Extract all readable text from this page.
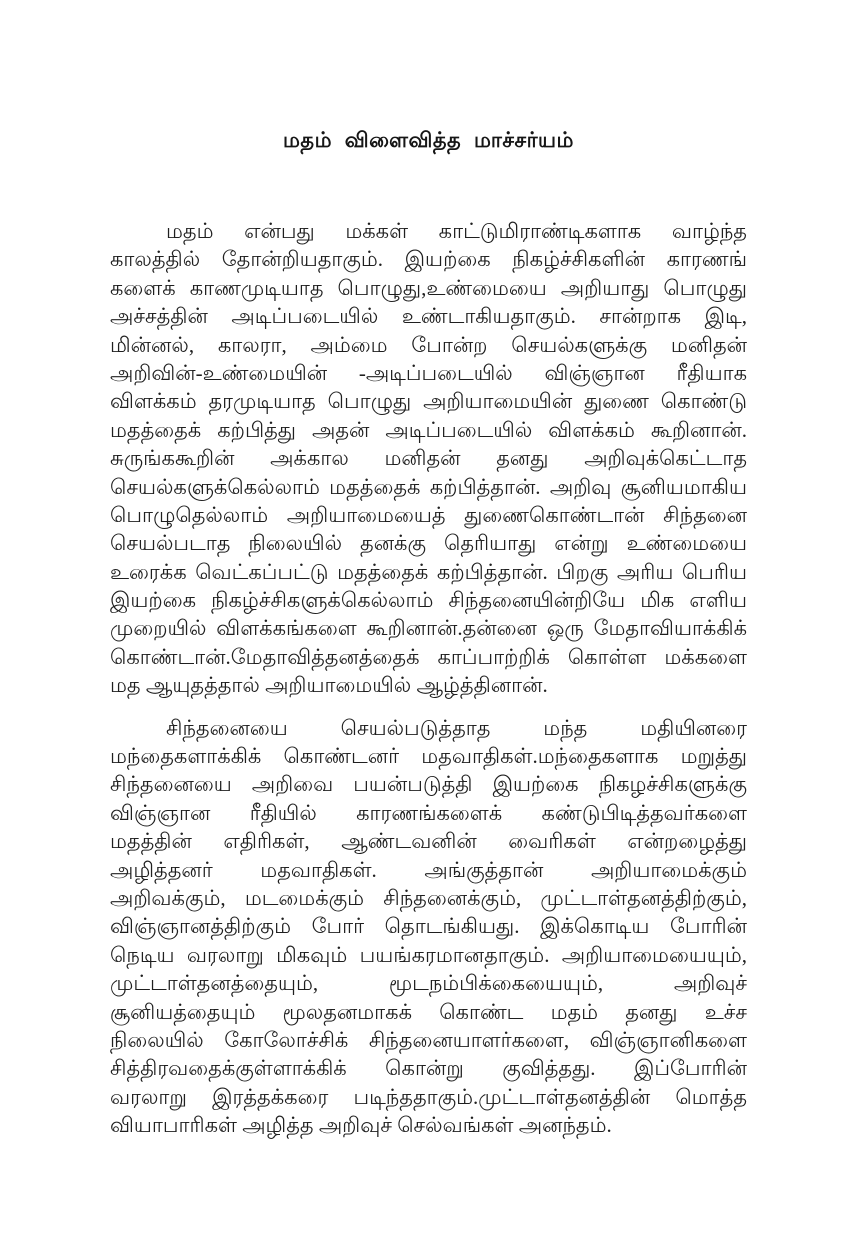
மதம் விளைவித்த மாச்சர்யம்
மதம் என்பது மக்கள் காட்டுமிராண்டிகளாக வாழ்ந்த
காலத்தில் தோன்றியதாகும். இயற்கை நிகழ்ச்சிகளின் காரணங்
களைக் காணமுடியாத பொழுது,உண்மையை அறியாது பொழுது
அச்சத்தின் அடிப்படையில் உண்டாகியதாகும். சான்றாக இடி,
மின்னல், காலரா, அம்மை போன்ற செயல்களுக்கு மனிதன்
அறிவின்-உண்மையின் -அடிப்படையில் விஞ்ஞான ரீதியாக
விளக்கம் தரமுடியாத பொழுது அறியாமையின் துணை கொண்டு
மதத்தைக் கற்பித்து அதன் அடிப்படையில் விளக்கம் கூறினான்.
சுருங்ககூறின் அக்கால மனிதன் தனது அறிவுக்கெட்டாத
செயல்களுக்கெல்லாம் மதத்தைக் கற்பித்தான். அறிவு சூனியமாகிய
பொழுதெல்லாம் அறியாமையைத் துணைகொண்டான் சிந்தனை
செயல்படாத நிலையில் தனக்கு தெரியாது என்று உண்மையை
உரைக்க வெட்கப்பட்டு மதத்தைக் கற்பித்தான். பிறகு அரிய பெரிய
இயற்கை நிகழ்ச்சிகளுக்கெல்லாம் சிந்தனையின்றியே மிக எளிய
முறையில் விளக்கங்களை கூறினான்.தன்னை ஒரு மேதாவியாக்கிக்
கொண்டான்.மேதாவித்தனத்தைக் காப்பாற்றிக் கொள்ள மக்களை
மத ஆயுதத்தால் அறியாமையில் ஆழ்த்தினான்.
சிந்தனையை செயல்படுத்தாத மந்த மதியினரை
மந்தைகளாக்கிக் கொண்டனர் மதவாதிகள்.மந்தைகளாக மறுத்து
சிந்தனையை அறிவை பயன்படுத்தி இயற்கை நிகழச்சிகளுக்கு
விஞ்ஞான ரீதியில் காரணங்களைக் கண்டுபிடித்தவர்களை
மதத்தின் எதிரிகள், ஆண்டவனின் வைரிகள் என்றழைத்து
அழித்தனர் மதவாதிகள். அங்குத்தான் அறியாமைக்கும்
அறிவக்கும், மடமைக்கும் சிந்தனைக்கும், முட்டாள்தனத்திற்கும்,
விஞ்ஞானத்திற்கும் போர் தொடங்கியது. இக்கொடிய போரின்
நெடிய வரலாறு மிகவும் பயங்கரமானதாகும். அறியாமையையும்,
முட்டாள்தனத்தையும், மூடநம்பிக்கையையும், அறிவுச்
சூனியத்தையும் மூலதனமாகக் கொண்ட மதம் தனது உச்ச
நிலையில் கோலோச்சிக் சிந்தனையாளர்களை, விஞ்ஞானிகளை
சித்திரவதைக்குள்ளாக்கிக் கொன்று குவித்தது. இப்போரின்
வரலாறு இரத்தக்கரை படிந்ததாகும்.முட்டாள்தனத்தின் மொத்த
வியாபாரிகள் அழித்த அறிவுச் செல்வங்கள் அனந்தம்.
